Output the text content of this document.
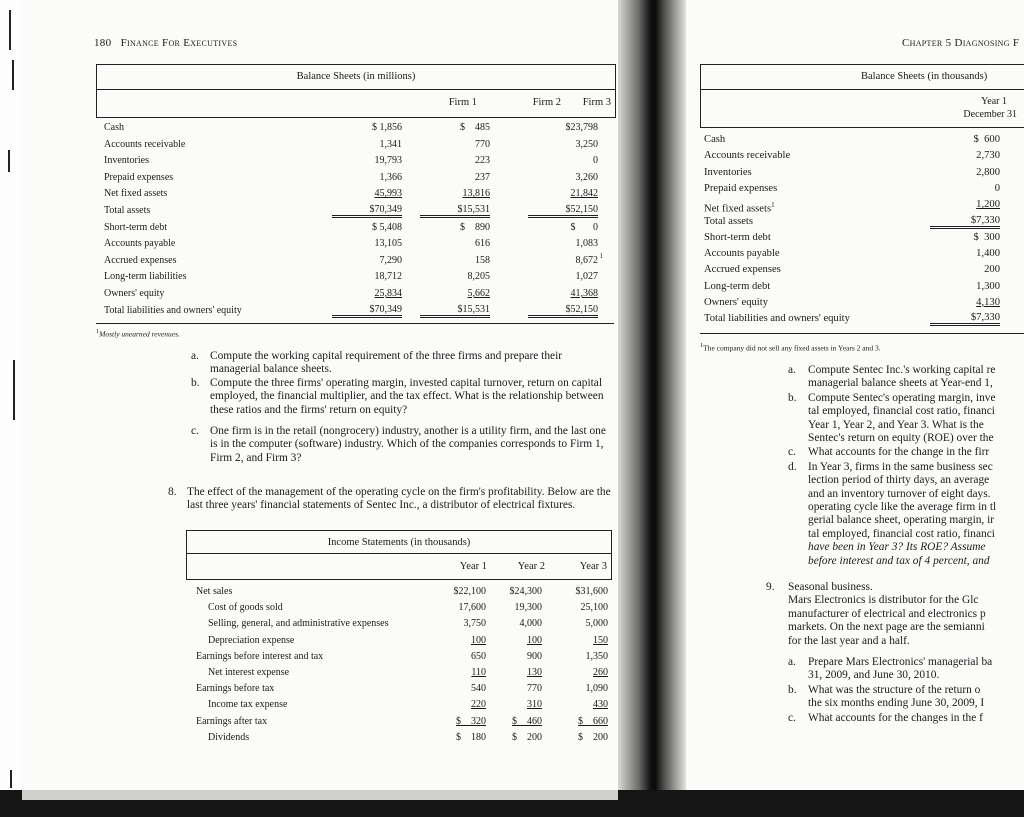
180 Finance For Executives
Balance Sheets (in millions)
Firm 1	Firm 2	Firm 3
Cash	$ 1,856	$    485	$23,798
Accounts receivable	1,341	770	3,250
Inventories	19,793	223	0
Prepaid expenses	1,366	237	3,260
Net fixed assets	45,993	13,816	21,842
Total assets	$70,349	$15,531	$52,150
Short-term debt	$ 5,408	$    890	$       0
Accounts payable	13,105	616	1,083
Accrued expenses	7,290	158	8,672 1
Long-term liabilities	18,712	8,205	1,027
Owners' equity	25,834	5,662	41,368
Total liabilities and owners' equity	$70,349	$15,531	$52,150
$^1$Mostly unearned revenues.
a. Compute the working capital requirement of the three firms and prepare their managerial balance sheets.
b. Compute the three firms' operating margin, invested capital turnover, return on capital employed, the financial multiplier, and the tax effect. What is the relationship between these ratios and the firms' return on equity?
c. One firm is in the retail (nongrocery) industry, another is a utility firm, and the last one is in the computer (software) industry. Which of the companies corresponds to Firm 1, Firm 2, and Firm 3?
8. The effect of the management of the operating cycle on the firm's profitability. Below are the last three years' financial statements of Sentec Inc., a distributor of electrical fixtures.
Income Statements (in thousands)
Year 1	Year 2	Year 3
Net sales	$22,100	$24,300	$31,600
Cost of goods sold	17,600	19,300	25,100
Selling, general, and administrative expenses	3,750	4,000	5,000
Depreciation expense	100	100	150
Earnings before interest and tax	650	900	1,350
Net interest expense	110	130	260
Earnings before tax	540	770	1,090
Income tax expense	220	310	430
Earnings after tax	$    320	$    460	$    660
Dividends	$    180	$    200	$    200
Chapter 5 Diagnosing F
Balance Sheets (in thousands)
Year 1
December 31
Cash	$  600
Accounts receivable	2,730
Inventories	2,800
Prepaid expenses	0
Net fixed assets$^1$	1,200
Total assets	$7,330
Short-term debt	$  300
Accounts payable	1,400
Accrued expenses	200
Long-term debt	1,300
Owners' equity	4,130
Total liabilities and owners' equity	$7,330
$^1$The company did not sell any fixed assets in Years 2 and 3.
a. Compute Sentec Inc.'s working capital re
managerial balance sheets at Year-end 1,
b. Compute Sentec's operating margin, inve
tal employed, financial cost ratio, financi
Year 1, Year 2, and Year 3. What is the
Sentec's return on equity (ROE) over the
c. What accounts for the change in the firr
d. In Year 3, firms in the same business sec
lection period of thirty days, an average
and an inventory turnover of eight days.
operating cycle like the average firm in tl
gerial balance sheet, operating margin, ir
tal employed, financial cost ratio, financi
have been in Year 3? Its ROE? Assume
before interest and tax of 4 percent, and
9. Seasonal business.
Mars Electronics is distributor for the Glc
manufacturer of electrical and electronics p
markets. On the next page are the semianni
for the last year and a half.
a. Prepare Mars Electronics' managerial ba
31, 2009, and June 30, 2010.
b. What was the structure of the return o
the six months ending June 30, 2009, I
c. What accounts for the changes in the f
